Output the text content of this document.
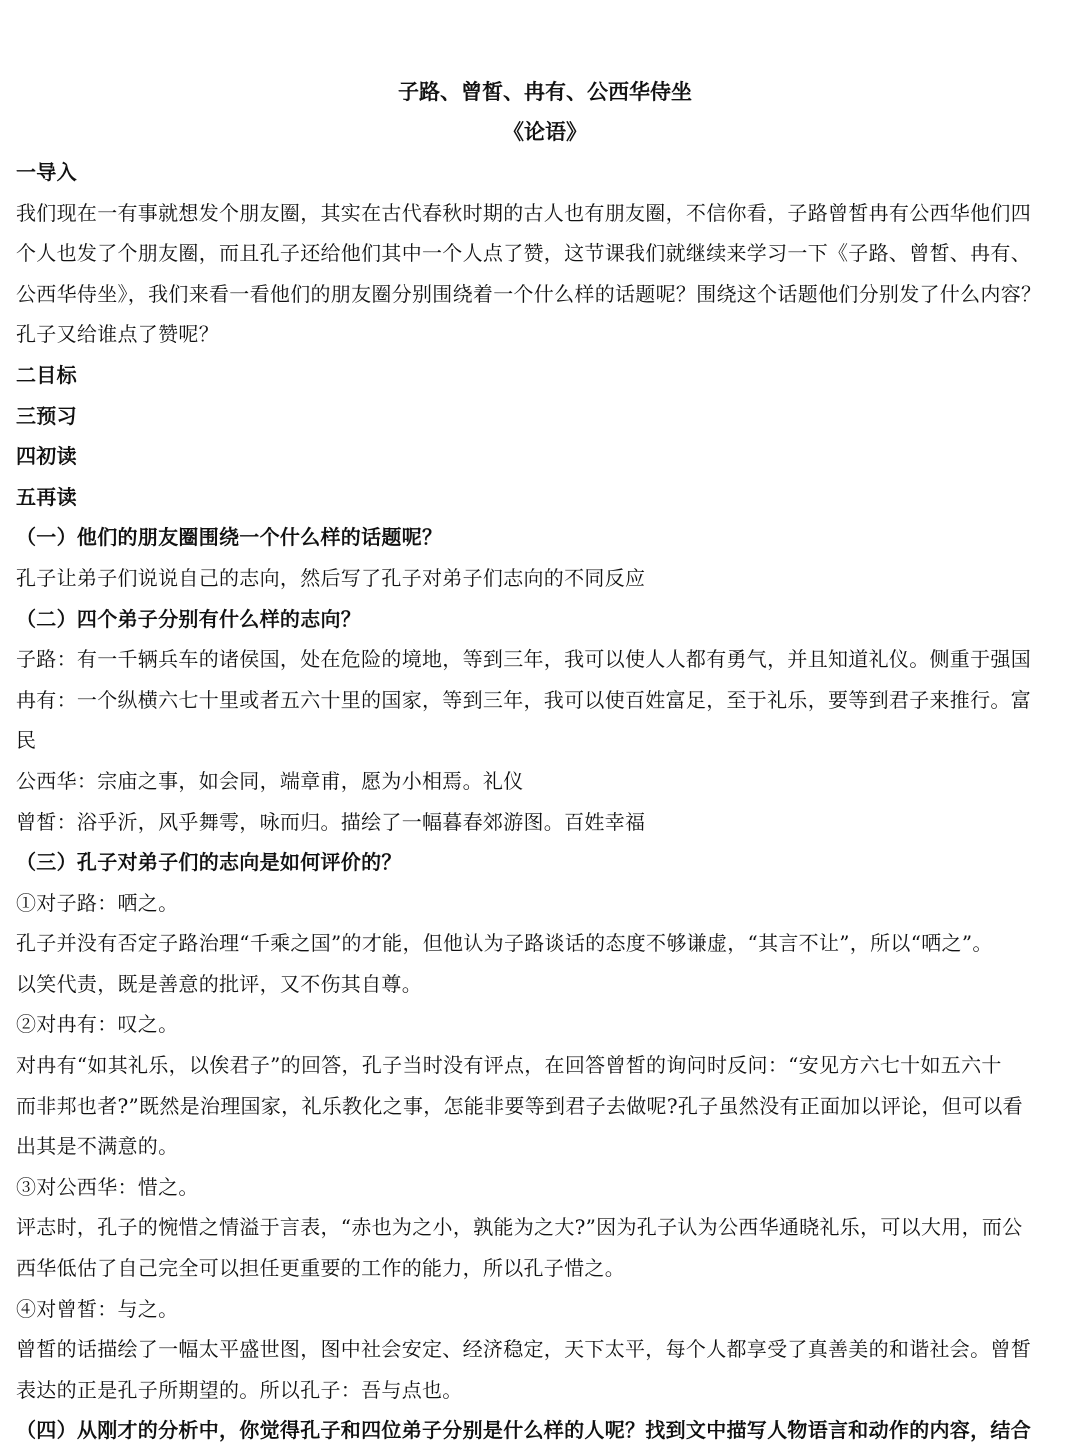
子路、曾皙、冉有、公西华侍坐
《论语》
一导入
我们现在一有事就想发个朋友圈，其实在古代春秋时期的古人也有朋友圈，不信你看，子路曾皙冉有公西华他们四
个人也发了个朋友圈，而且孔子还给他们其中一个人点了赞，这节课我们就继续来学习一下《子路、曾皙、冉有、
公西华侍坐》，我们来看一看他们的朋友圈分别围绕着一个什么样的话题呢？围绕这个话题他们分别发了什么内容？
孔子又给谁点了赞呢？
二目标
三预习
四初读
五再读
（一）他们的朋友圈围绕一个什么样的话题呢？
孔子让弟子们说说自己的志向，然后写了孔子对弟子们志向的不同反应
（二）四个弟子分别有什么样的志向？
子路：有一千辆兵车的诸侯国，处在危险的境地，等到三年，我可以使人人都有勇气，并且知道礼仪。侧重于强国
冉有：一个纵横六七十里或者五六十里的国家，等到三年，我可以使百姓富足，至于礼乐，要等到君子来推行。富
民
公西华：宗庙之事，如会同，端章甫，愿为小相焉。礼仪
曾皙：浴乎沂，风乎舞雩，咏而归。描绘了一幅暮春郊游图。百姓幸福
（三）孔子对弟子们的志向是如何评价的？
①对子路：哂之。
孔子并没有否定子路治理“千乘之国”的才能，但他认为子路谈话的态度不够谦虚，“其言不让”，所以“哂之”。
以笑代责，既是善意的批评，又不伤其自尊。
②对冉有：叹之。
对冉有“如其礼乐，以俟君子”的回答，孔子当时没有评点，在回答曾皙的询问时反问：“安见方六七十如五六十
而非邦也者?”既然是治理国家，礼乐教化之事，怎能非要等到君子去做呢?孔子虽然没有正面加以评论，但可以看
出其是不满意的。
③对公西华：惜之。
评志时，孔子的惋惜之情溢于言表，“赤也为之小，孰能为之大?”因为孔子认为公西华通晓礼乐，可以大用，而公
西华低估了自己完全可以担任更重要的工作的能力，所以孔子惜之。
④对曾皙：与之。
曾皙的话描绘了一幅太平盛世图，图中社会安定、经济稳定，天下太平，每个人都享受了真善美的和谐社会。曾皙
表达的正是孔子所期望的。所以孔子：吾与点也。
（四）从刚才的分析中，你觉得孔子和四位弟子分别是什么样的人呢？找到文中描写人物语言和动作的内容，结合
